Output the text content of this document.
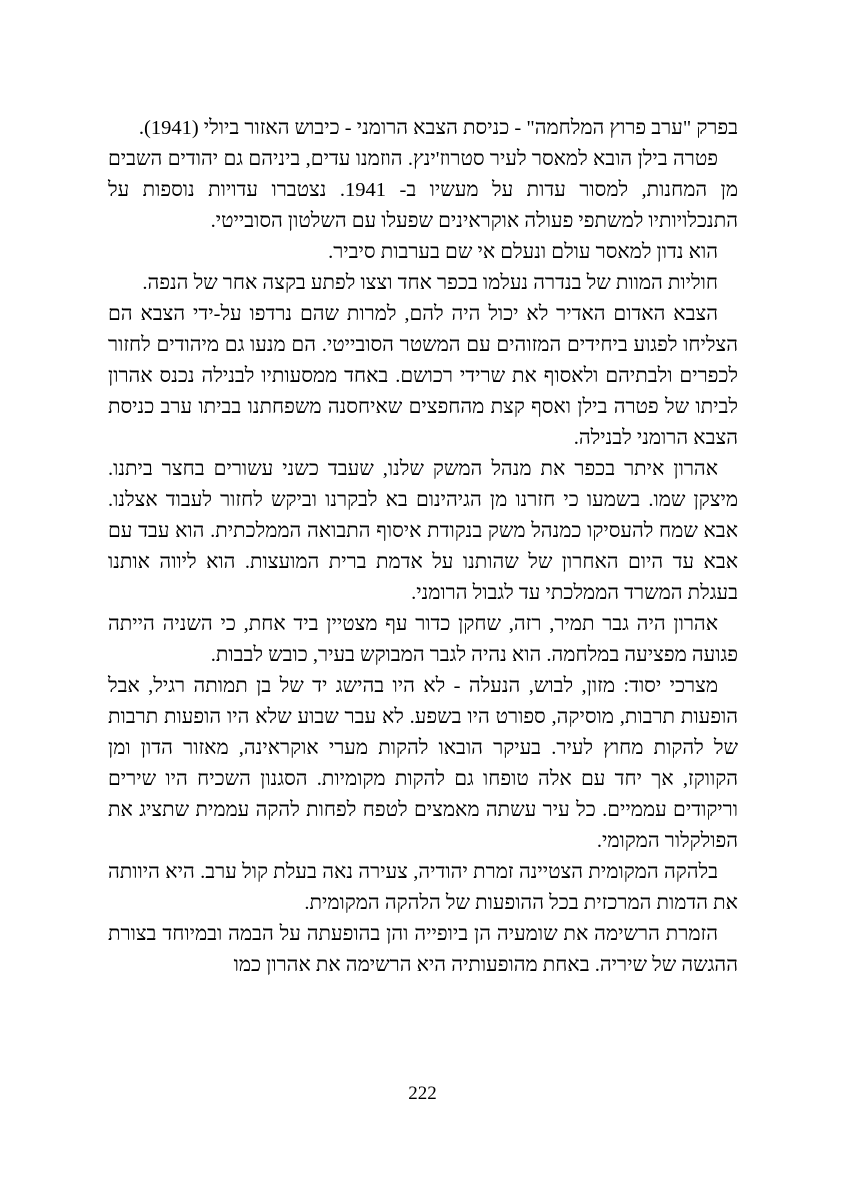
בפרק "ערב פרוץ המלחמה" - כניסת הצבא הרומני - כיבוש האזור ביולי (1941).

פטרה בילן הובא למאסר לעיר סטרוז'ינץ. הוזמנו עדים, ביניהם גם יהודים השבים מן המחנות, למסור עדות על מעשיו ב- 1941. נצטברו עדויות נוספות על התנכלויותיו למשתפי פעולה אוקראינים שפעלו עם השלטון הסובייטי.

הוא נדון למאסר עולם ונעלם אי שם בערבות סיביר.

חוליות המוות של בנדרה נעלמו בכפר אחד וצצו לפתע בקצה אחר של הנפה.

הצבא האדום האדיר לא יכול היה להם, למרות שהם נרדפו על-ידי הצבא הם הצליחו לפגוע ביחידים המזוהים עם המשטר הסובייטי. הם מנעו גם מיהודים לחזור לכפרים ולבתיהם ולאסוף את שרידי רכושם. באחד ממסעותיו לבנילה נכנס אהרון לביתו של פטרה בילן ואסף קצת מהחפצים שאיחסנה משפחתנו בביתו ערב כניסת הצבא הרומני לבנילה.

אהרון איתר בכפר את מנהל המשק שלנו, שעבד כשני עשורים בחצר ביתנו. מיצקן שמו. בשמעו כי חזרנו מן הגיהינום בא לבקרנו וביקש לחזור לעבוד אצלנו. אבא שמח להעסיקו כמנהל משק בנקודת איסוף התבואה הממלכתית. הוא עבד עם אבא עד היום האחרון של שהותנו על אדמת ברית המועצות. הוא ליווה אותנו בעגלת המשרד הממלכתי עד לגבול הרומני.

אהרון היה גבר תמיר, רזה, שחקן כדור עף מצטיין ביד אחת, כי השניה הייתה פגועה מפציעה במלחמה. הוא נהיה לגבר המבוקש בעיר, כובש לבבות.

מצרכי יסוד: מזון, לבוש, הנעלה - לא היו בהישג יד של בן תמותה רגיל, אבל הופעות תרבות, מוסיקה, ספורט היו בשפע. לא עבר שבוע שלא היו הופעות תרבות של להקות מחוץ לעיר. בעיקר הובאו להקות מערי אוקראינה, מאזור הדון ומן הקווקז, אך יחד עם אלה טופחו גם להקות מקומיות. הסגנון השכיח היו שירים וריקודים עממיים. כל עיר עשתה מאמצים לטפח לפחות להקה עממית שתציג את הפולקלור המקומי.

בלהקה המקומית הצטיינה זמרת יהודיה, צעירה נאה בעלת קול ערב. היא היוותה את הדמות המרכזית בכל ההופעות של הלהקה המקומית.

הזמרת הרשימה את שומעיה הן ביופייה והן בהופעתה על הבמה ובמיוחד בצורת ההגשה של שיריה. באחת מהופעותיה היא הרשימה את אהרון כמו

222
